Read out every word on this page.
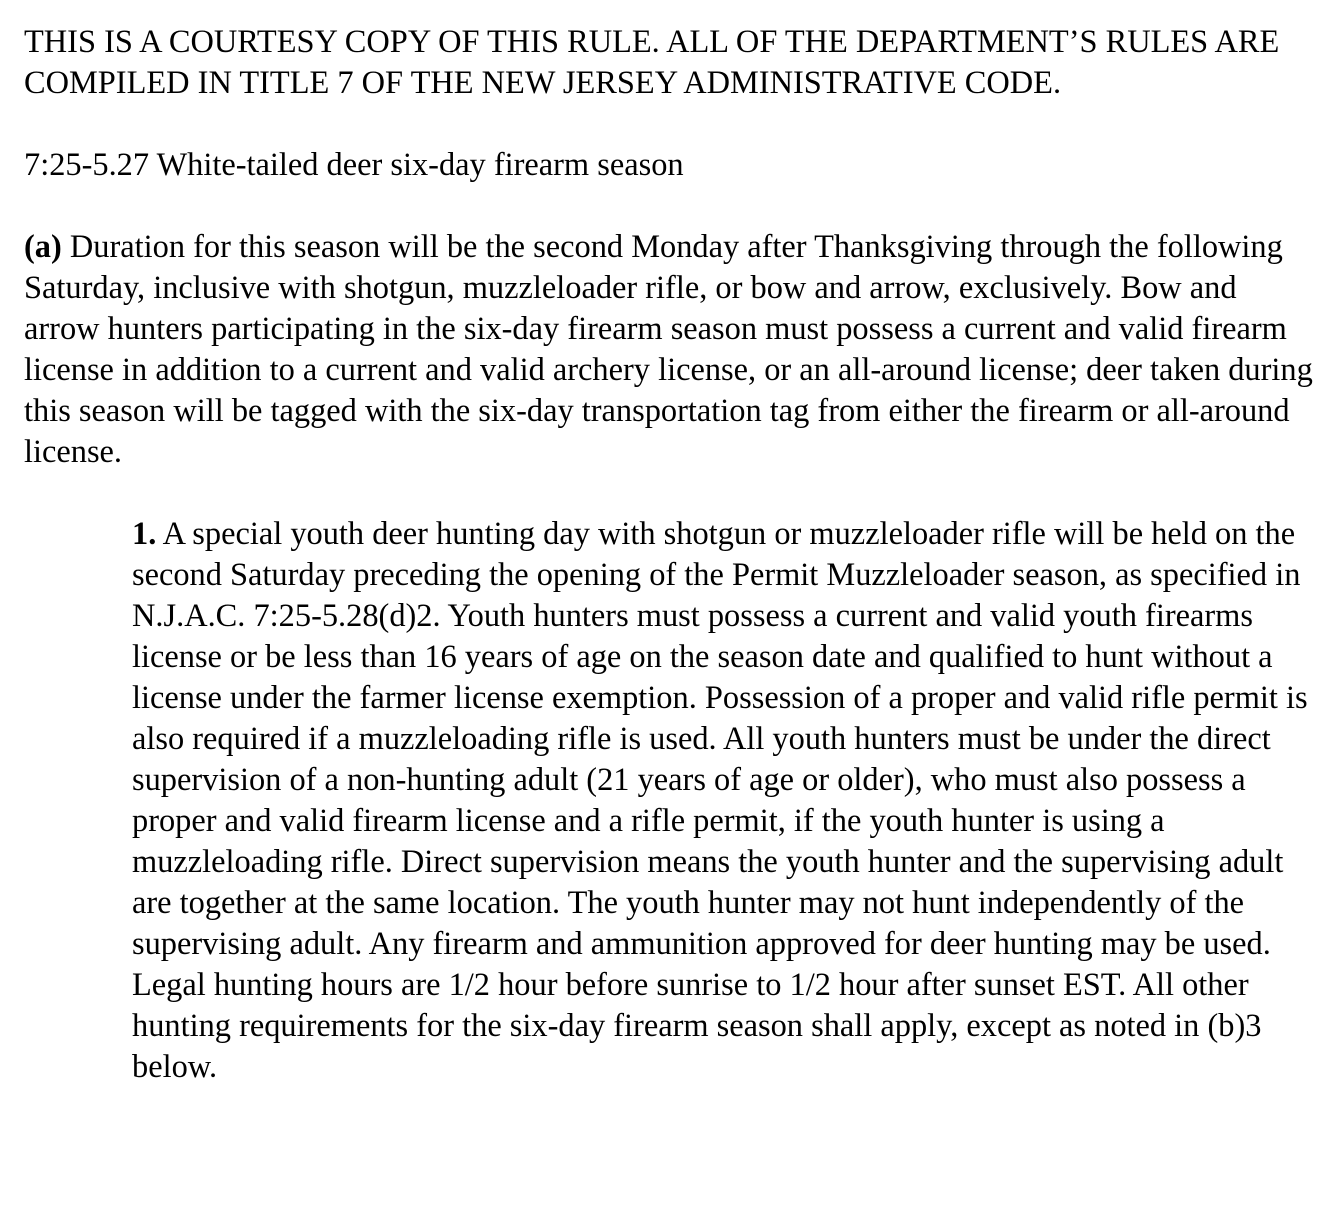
THIS IS A COURTESY COPY OF THIS RULE. ALL OF THE DEPARTMENT’S RULES ARE COMPILED IN TITLE 7 OF THE NEW JERSEY ADMINISTRATIVE CODE.

7:25-5.27 White-tailed deer six-day firearm season

(a) Duration for this season will be the second Monday after Thanksgiving through the following Saturday, inclusive with shotgun, muzzleloader rifle, or bow and arrow, exclusively. Bow and arrow hunters participating in the six-day firearm season must possess a current and valid firearm license in addition to a current and valid archery license, or an all-around license; deer taken during this season will be tagged with the six-day transportation tag from either the firearm or all-around license.

1. A special youth deer hunting day with shotgun or muzzleloader rifle will be held on the second Saturday preceding the opening of the Permit Muzzleloader season, as specified in N.J.A.C. 7:25-5.28(d)2. Youth hunters must possess a current and valid youth firearms license or be less than 16 years of age on the season date and qualified to hunt without a license under the farmer license exemption. Possession of a proper and valid rifle permit is also required if a muzzleloading rifle is used. All youth hunters must be under the direct supervision of a non-hunting adult (21 years of age or older), who must also possess a proper and valid firearm license and a rifle permit, if the youth hunter is using a muzzleloading rifle. Direct supervision means the youth hunter and the supervising adult are together at the same location. The youth hunter may not hunt independently of the supervising adult. Any firearm and ammunition approved for deer hunting may be used. Legal hunting hours are 1/2 hour before sunrise to 1/2 hour after sunset EST. All other hunting requirements for the six-day firearm season shall apply, except as noted in (b)3 below.
